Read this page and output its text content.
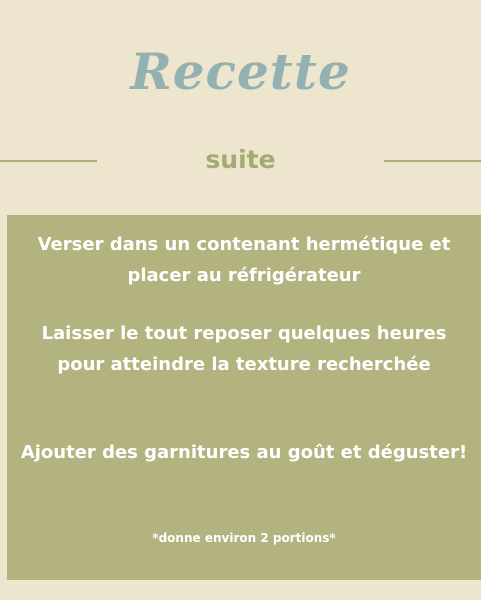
Recette
suite

Verser dans un contenant hermétique et placer au réfrigérateur

Laisser le tout reposer quelques heures pour atteindre la texture recherchée

Ajouter des garnitures au goût et déguster!

*donne environ 2 portions*
